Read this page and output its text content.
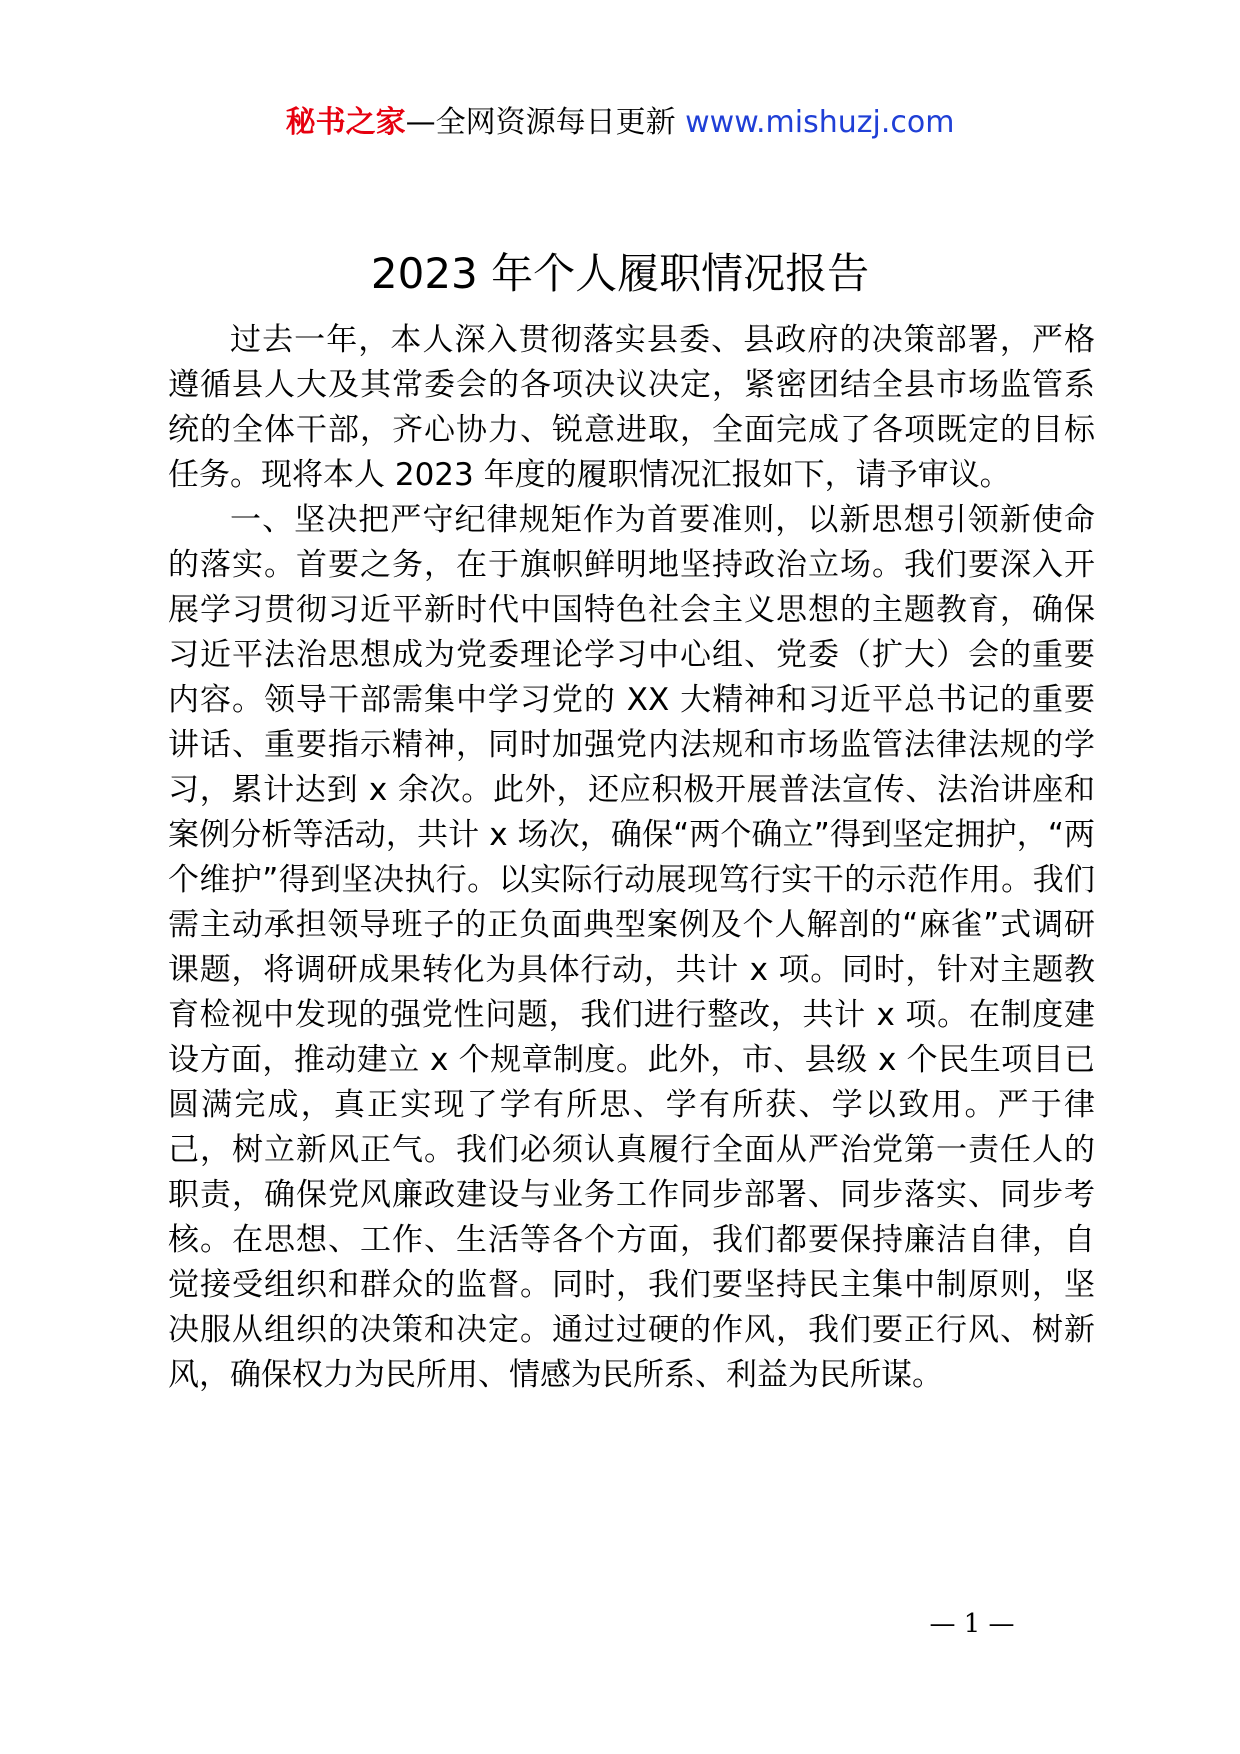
秘书之家—全网资源每日更新 www.mishuzj.com
2023 年个人履职情况报告

过去一年，本人深入贯彻落实县委、县政府的决策部署，严格遵循县人大及其常委会的各项决议决定，紧密团结全县市场监管系统的全体干部，齐心协力、锐意进取，全面完成了各项既定的目标任务。现将本人 2023 年度的履职情况汇报如下，请予审议。

一、坚决把严守纪律规矩作为首要准则，以新思想引领新使命的落实。首要之务，在于旗帜鲜明地坚持政治立场。我们要深入开展学习贯彻习近平新时代中国特色社会主义思想的主题教育，确保习近平法治思想成为党委理论学习中心组、党委（扩大）会的重要内容。领导干部需集中学习党的 XX 大精神和习近平总书记的重要讲话、重要指示精神，同时加强党内法规和市场监管法律法规的学习，累计达到 x 余次。此外，还应积极开展普法宣传、法治讲座和案例分析等活动，共计 x 场次，确保“两个确立”得到坚定拥护，“两个维护”得到坚决执行。以实际行动展现笃行实干的示范作用。我们需主动承担领导班子的正负面典型案例及个人解剖的“麻雀”式调研课题，将调研成果转化为具体行动，共计 x 项。同时，针对主题教育检视中发现的强党性问题，我们进行整改，共计 x 项。在制度建设方面，推动建立 x 个规章制度。此外，市、县级 x 个民生项目已圆满完成，真正实现了学有所思、学有所获、学以致用。严于律己，树立新风正气。我们必须认真履行全面从严治党第一责任人的职责，确保党风廉政建设与业务工作同步部署、同步落实、同步考核。在思想、工作、生活等各个方面，我们都要保持廉洁自律，自觉接受组织和群众的监督。同时，我们要坚持民主集中制原则，坚决服从组织的决策和决定。通过过硬的作风，我们要正行风、树新风，确保权力为民所用、情感为民所系、利益为民所谋。

— 1 —
